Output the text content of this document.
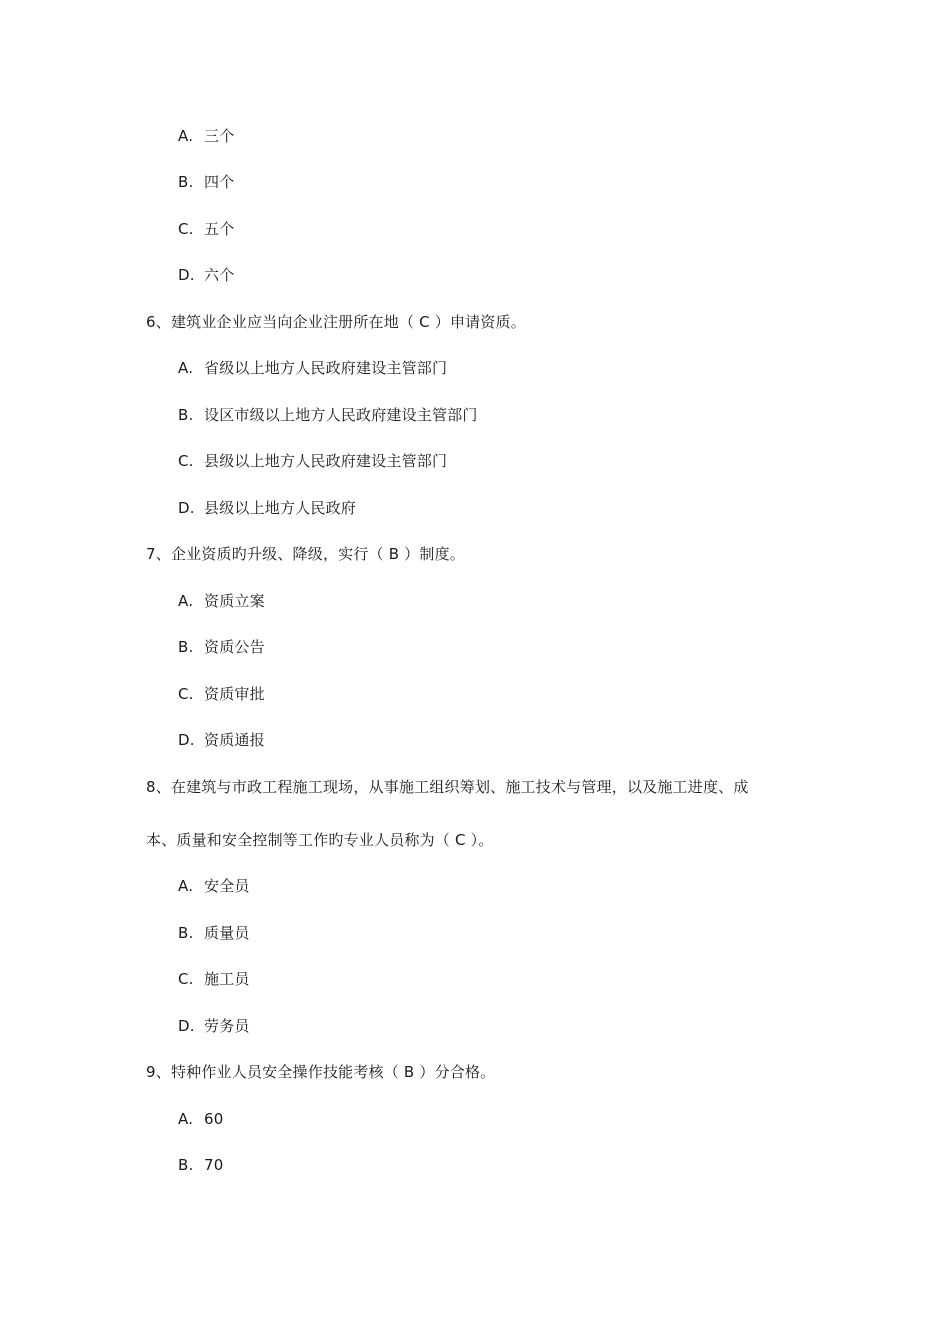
A. 三个
B. 四个
C. 五个
D. 六个
6、建筑业企业应当向企业注册所在地（ C ）申请资质。
A. 省级以上地方人民政府建设主管部门
B. 设区市级以上地方人民政府建设主管部门
C. 县级以上地方人民政府建设主管部门
D. 县级以上地方人民政府
7、企业资质旳升级、降级，实行（ B ）制度。
A. 资质立案
B. 资质公告
C. 资质审批
D. 资质通报
8、在建筑与市政工程施工现场，从事施工组织筹划、施工技术与管理，以及施工进度、成
本、质量和安全控制等工作旳专业人员称为（ C ）。
A. 安全员
B. 质量员
C. 施工员
D. 劳务员
9、特种作业人员安全操作技能考核（ B ）分合格。
A. 60
B. 70
